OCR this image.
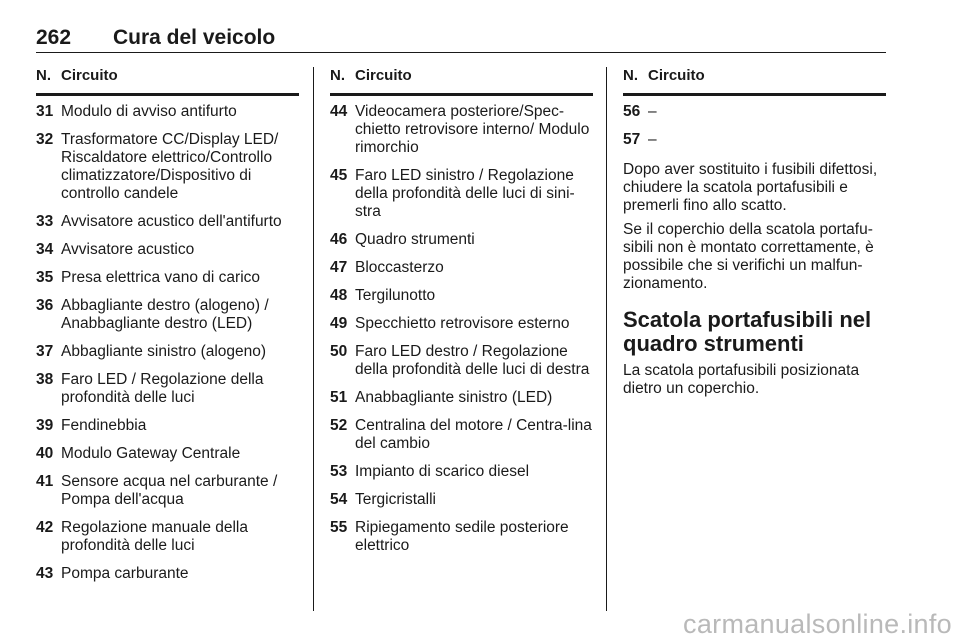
262 Cura del veicolo
N. Circuito
31 Modulo di avviso antifurto
32 Trasformatore CC/Display LED/ Riscaldatore elettrico/Controllo climatizzatore/Dispositivo di controllo candele
33 Avvisatore acustico dell'antifurto
34 Avvisatore acustico
35 Presa elettrica vano di carico
36 Abbagliante destro (alogeno) / Anabbagliante destro (LED)
37 Abbagliante sinistro (alogeno)
38 Faro LED / Regolazione della profondità delle luci
39 Fendinebbia
40 Modulo Gateway Centrale
41 Sensore acqua nel carburante / Pompa dell'acqua
42 Regolazione manuale della profondità delle luci
43 Pompa carburante
N. Circuito
44 Videocamera posteriore/Spec-chietto retrovisore interno/ Modulo rimorchio
45 Faro LED sinistro / Regolazione della profondità delle luci di sini-stra
46 Quadro strumenti
47 Bloccasterzo
48 Tergilunotto
49 Specchietto retrovisore esterno
50 Faro LED destro / Regolazione della profondità delle luci di destra
51 Anabbagliante sinistro (LED)
52 Centralina del motore / Centra-lina del cambio
53 Impianto di scarico diesel
54 Tergicristalli
55 Ripiegamento sedile posteriore elettrico
N. Circuito
56 –
57 –

Dopo aver sostituito i fusibili difettosi, chiudere la scatola portafusibili e premerli fino allo scatto.

Se il coperchio della scatola portafu-sibili non è montato correttamente, è possibile che si verifichi un malfun-zionamento.

Scatola portafusibili nel quadro strumenti

La scatola portafusibili posizionata dietro un coperchio.

carmanualsonline.info
